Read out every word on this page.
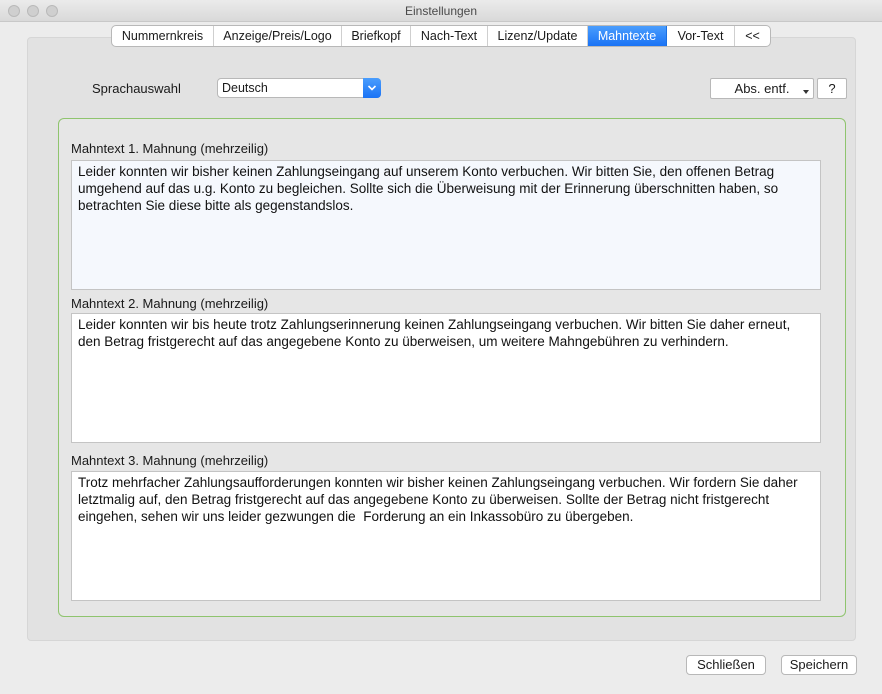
Einstellungen
Nummernkreis	Anzeige/Preis/Logo	Briefkopf	Nach-Text	Lizenz/Update	Mahntexte	Vor-Text	<<
Sprachauswahl	Deutsch	Abs. entf.	?
Mahntext 1. Mahnung (mehrzeilig)
Leider konnten wir bisher keinen Zahlungseingang auf unserem Konto verbuchen. Wir bitten Sie, den offenen Betrag umgehend auf das u.g. Konto zu begleichen. Sollte sich die Überweisung mit der Erinnerung überschnitten haben, so betrachten Sie diese bitte als gegenstandslos.
Mahntext 2. Mahnung (mehrzeilig)
Leider konnten wir bis heute trotz Zahlungserinnerung keinen Zahlungseingang verbuchen. Wir bitten Sie daher erneut, den Betrag fristgerecht auf das angegebene Konto zu überweisen, um weitere Mahngebühren zu verhindern.
Mahntext 3. Mahnung (mehrzeilig)
Trotz mehrfacher Zahlungsaufforderungen konnten wir bisher keinen Zahlungseingang verbuchen. Wir fordern Sie daher letztmalig auf, den Betrag fristgerecht auf das angegebene Konto zu überweisen. Sollte der Betrag nicht fristgerecht eingehen, sehen wir uns leider gezwungen die  Forderung an ein Inkassobüro zu übergeben.
Schließen	Speichern
